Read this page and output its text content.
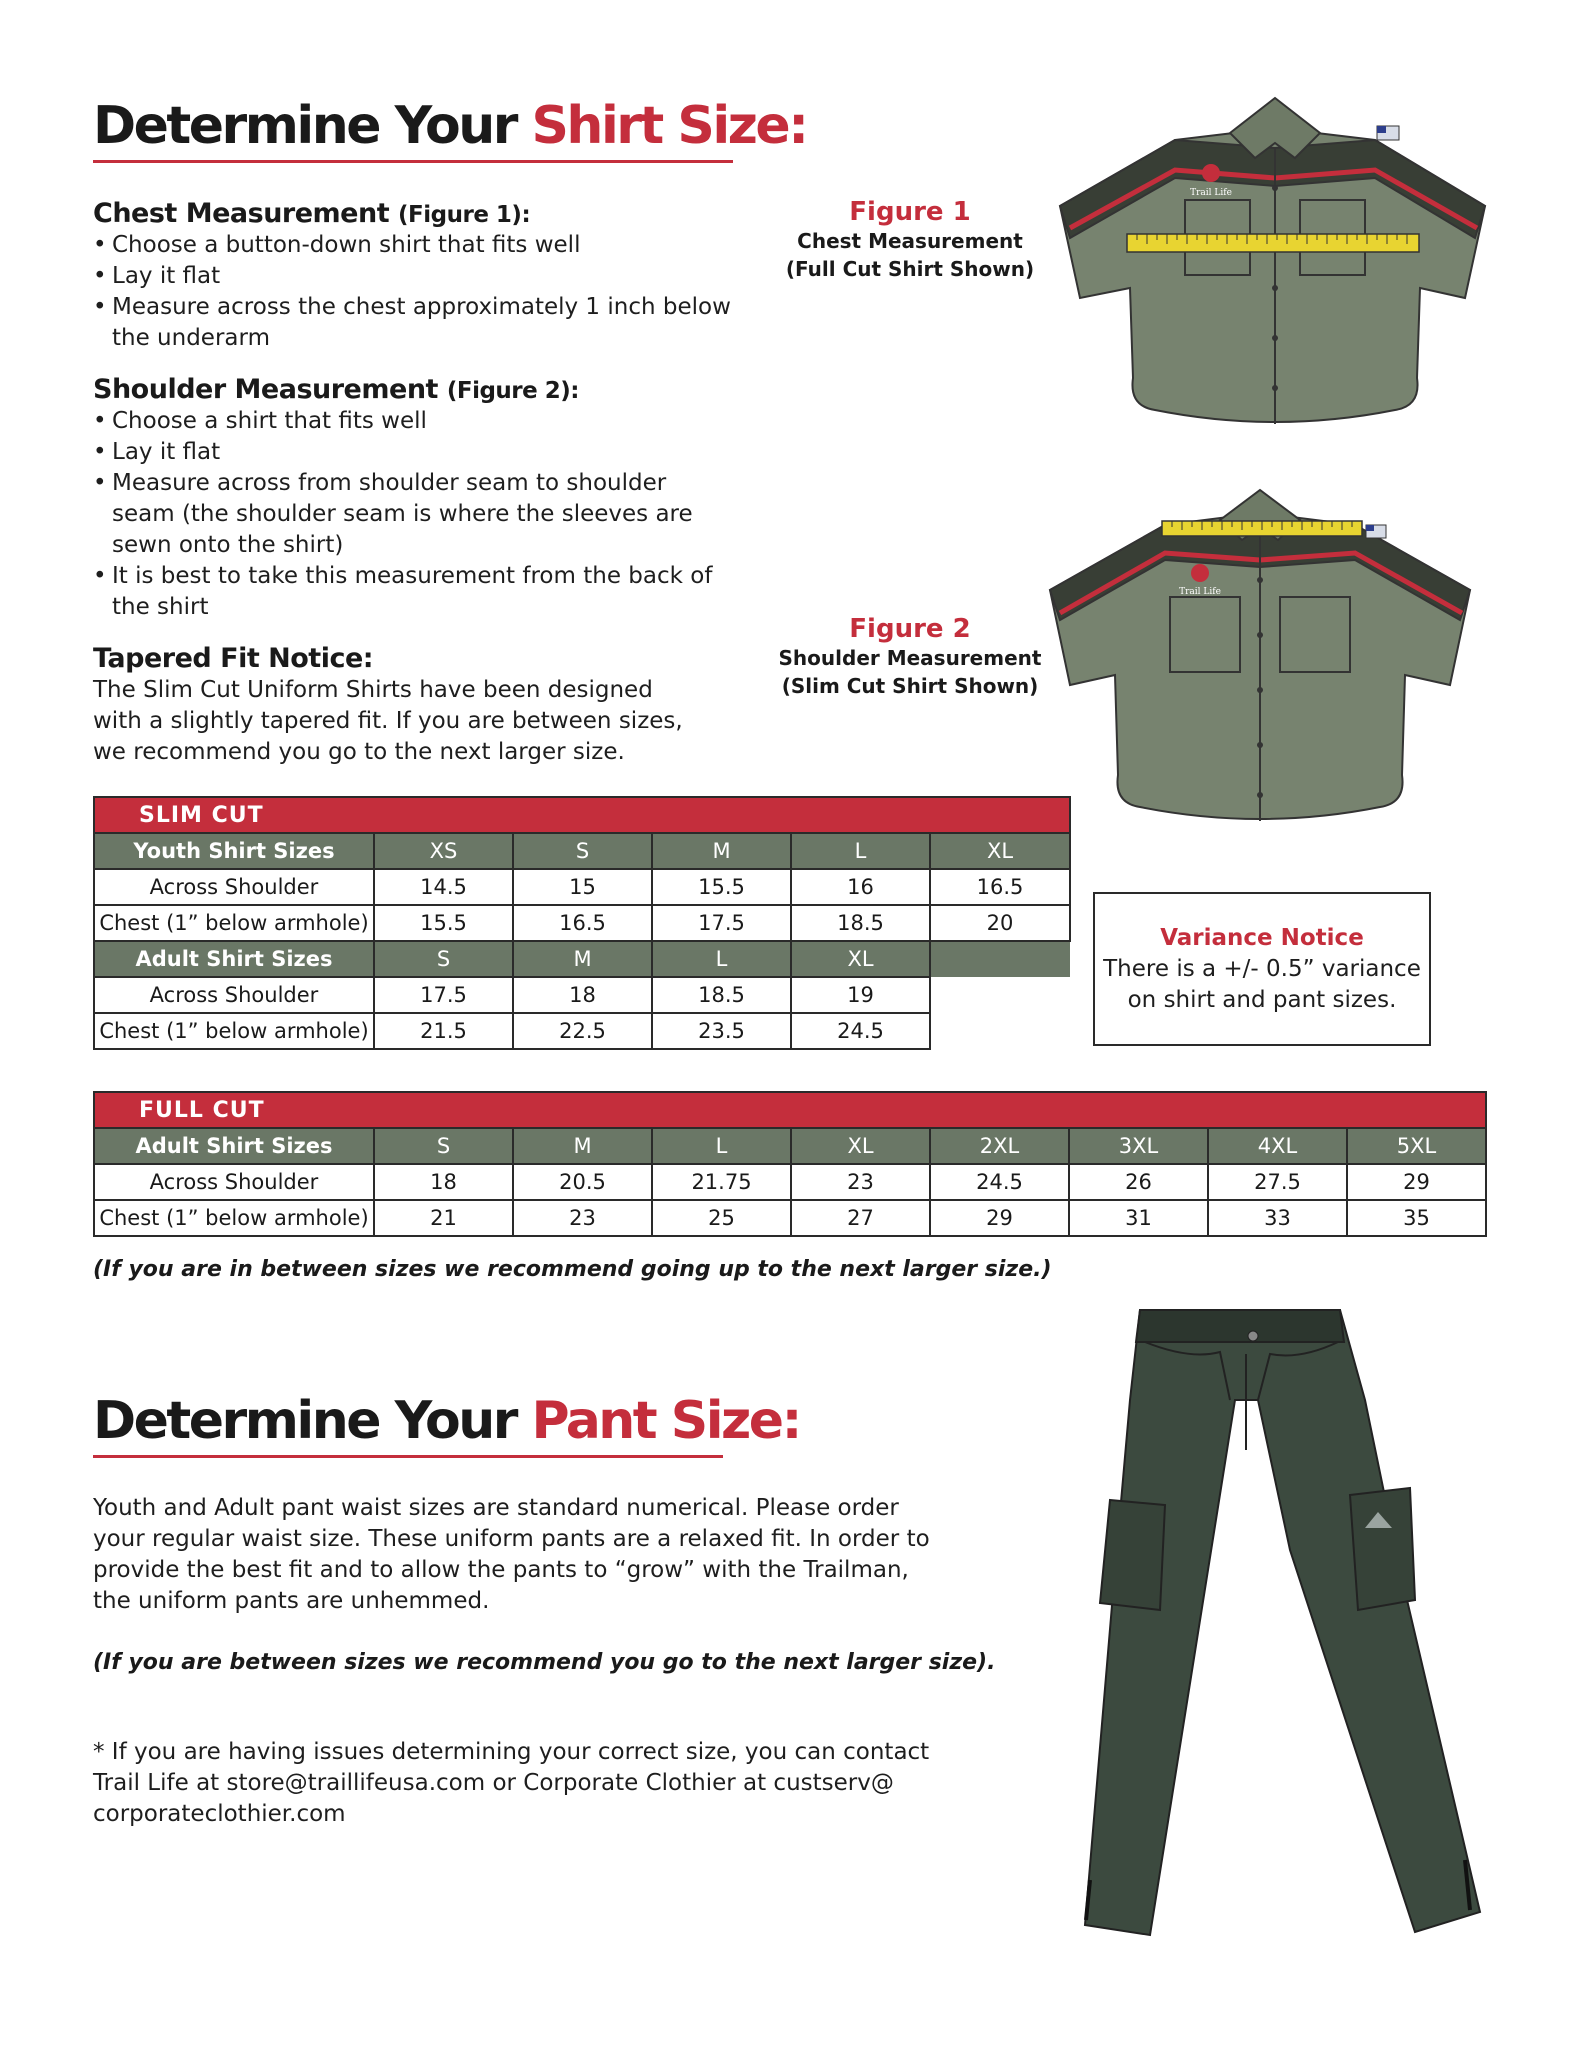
Determine Your Shirt Size:
Chest Measurement (Figure 1):
• Choose a button-down shirt that fits well
• Lay it flat
• Measure across the chest approximately 1 inch below the underarm
Shoulder Measurement (Figure 2):
• Choose a shirt that fits well
• Lay it flat
• Measure across from shoulder seam to shoulder seam (the shoulder seam is where the sleeves are sewn onto the shirt)
• It is best to take this measurement from the back of the shirt
Tapered Fit Notice:
The Slim Cut Uniform Shirts have been designed with a slightly tapered fit. If you are between sizes, we recommend you go to the next larger size.
Figure 1
Chest Measurement
(Full Cut Shirt Shown)
Figure 2
Shoulder Measurement
(Slim Cut Shirt Shown)
Trail Life
Trail Life
SLIM CUT					
Youth Shirt Sizes	XS	S	M	L	XL
Across Shoulder	14.5	15	15.5	16	16.5
Chest (1” below armhole)	15.5	16.5	17.5	18.5	20
Adult Shirt Sizes	S	M	L	XL	
Across Shoulder	17.5	18	18.5	19	
Chest (1” below armhole)	21.5	22.5	23.5	24.5	
Variance Notice
There is a +/- 0.5” variance on shirt and pant sizes.
FULL CUT								
Adult Shirt Sizes	S	M	L	XL	2XL	3XL	4XL	5XL
Across Shoulder	18	20.5	21.75	23	24.5	26	27.5	29
Chest (1” below armhole)	21	23	25	27	29	31	33	35
(If you are in between sizes we recommend going up to the next larger size.)
Determine Your Pant Size:
Youth and Adult pant waist sizes are standard numerical. Please order your regular waist size. These uniform pants are a relaxed fit. In order to provide the best fit and to allow the pants to “grow” with the Trailman, the uniform pants are unhemmed.
(If you are between sizes we recommend you go to the next larger size).
* If you are having issues determining your correct size, you can contact Trail Life at store@traillifeusa.com or Corporate Clothier at custserv@ corporateclothier.com
